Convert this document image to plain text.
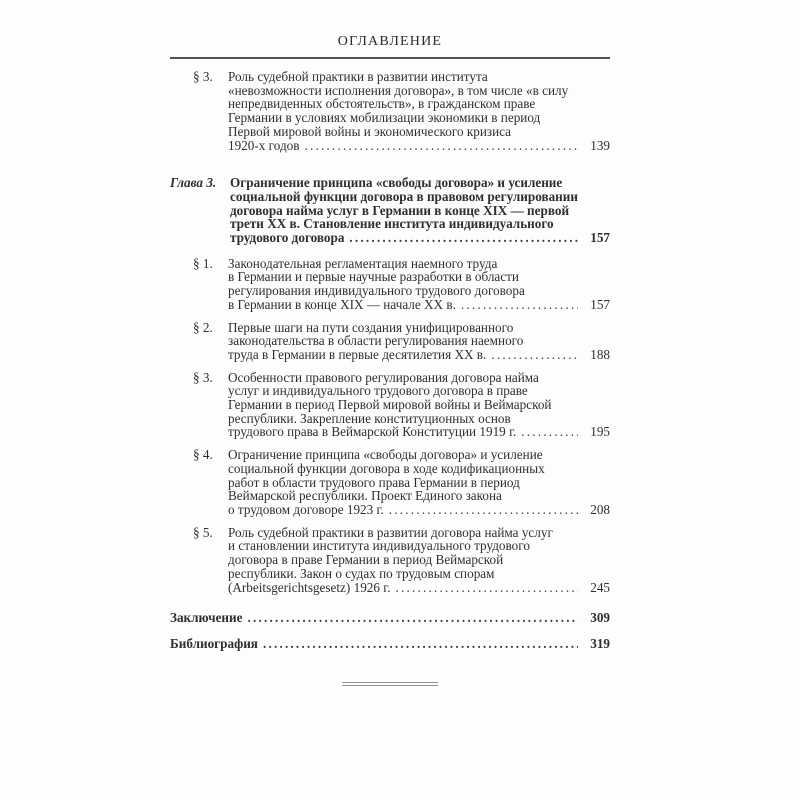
ОГЛАВЛЕНИЕ
§ 3.	Роль судебной практики в развитии института
«невозможности исполнения договора», в том числе «в силу
непредвиденных обстоятельств», в гражданском праве
Германии в условиях мобилизации экономики в период
Первой мировой войны и экономического кризиса
1920-х годов .....	139
Глава 3.	Ограничение принципа «свободы договора» и усиление
социальной функции договора в правовом регулировании
договора найма услуг в Германии в конце XIX — первой
трети XX в. Становление института индивидуального
трудового договора .....	157
§ 1.	Законодательная регламентация наемного труда
в Германии и первые научные разработки в области
регулирования индивидуального трудового договора
в Германии в конце XIX — начале XX в. .....	157
§ 2.	Первые шаги на пути создания унифицированного
законодательства в области регулирования наемного
труда в Германии в первые десятилетия XX в. .....	188
§ 3.	Особенности правового регулирования договора найма
услуг и индивидуального трудового договора в праве
Германии в период Первой мировой войны и Веймарской
республики. Закрепление конституционных основ
трудового права в Веймарской Конституции 1919 г. .....	195
§ 4.	Ограничение принципа «свободы договора» и усиление
социальной функции договора в ходе кодификационных
работ в области трудового права Германии в период
Веймарской республики. Проект Единого закона
о трудовом договоре 1923 г. .....	208
§ 5.	Роль судебной практики в развитии договора найма услуг
и становлении института индивидуального трудового
договора в праве Германии в период Веймарской
республики. Закон о судах по трудовым спорам
(Arbeitsgerichtsgesetz) 1926 г. .....	245
Заключение .....	309
Библиография .....	319
